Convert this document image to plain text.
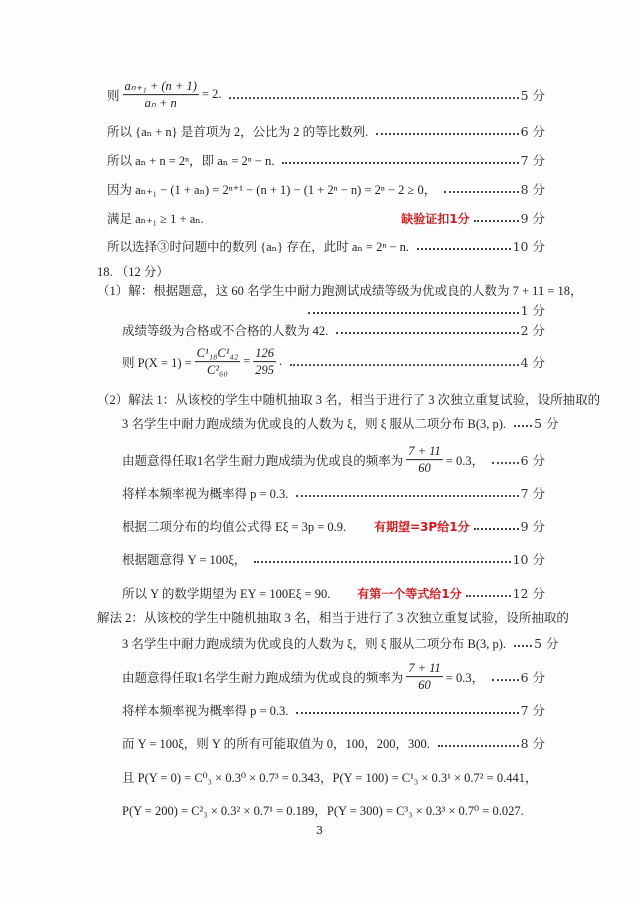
则 $\frac{\text{aₙ₊₁ + (n + 1)}}{\text{aₙ + n}} = 2$.	5 分
所以 {aₙ + n} 是首项为 2，公比为 2 的等比数列.	6 分
所以 aₙ + n = 2ⁿ，即 aₙ = 2ⁿ − n.	7 分
因为 aₙ₊₁ − (1 + aₙ) = 2ⁿ⁺¹ − (n + 1) − (1 + 2ⁿ − n) = 2ⁿ − 2 ≥ 0，	8 分
满足 aₙ₊₁ ≥ 1 + aₙ.	缺验证扣1分	9 分
所以选择③时问题中的数列 {aₙ} 存在，此时 aₙ = 2ⁿ − n.	10 分
18. （12 分）
（1）解：根据题意，这 60 名学生中耐力跑测试成绩等级为优或良的人数为 7 + 11 = 18，
1 分
成绩等级为合格或不合格的人数为 42.	2 分
则 $P(X = 1) = \frac{\text{C¹₁₈C¹₄₂}}{\text{C²₆₀}} = \frac{126}{295}$ .	4 分
（2）解法 1：从该校的学生中随机抽取 3 名，相当于进行了 3 次独立重复试验，设所抽取的
3 名学生中耐力跑成绩为优或良的人数为 ξ，则 ξ 服从二项分布 B(3, p). 5 分
由题意得任取1名学生耐力跑成绩为优或良的频率为 $\frac{7 + 11}{60} = 0.3$，	6 分
将样本频率视为概率得 p = 0.3.	7 分
根据二项分布的均值公式得 Eξ = 3p = 0.9. 有期望=3P给1分	9 分
根据题意得 Y = 100ξ，	10 分
所以 Y 的数学期望为 EY = 100Eξ = 90. 有第一个等式给1分	12 分
解法 2：从该校的学生中随机抽取 3 名，相当于进行了 3 次独立重复试验，设所抽取的
3 名学生中耐力跑成绩为优或良的人数为 ξ，则 ξ 服从二项分布 B(3, p). 5 分
由题意得任取1名学生耐力跑成绩为优或良的频率为 $\frac{7 + 11}{60} = 0.3$，	6 分
将样本频率视为概率得 p = 0.3.	7 分
而 Y = 100ξ，则 Y 的所有可能取值为 0，100，200，300.	8 分
且 P(Y = 0) = C⁰₃ × 0.3⁰ × 0.7³ = 0.343，P(Y = 100) = C¹₃ × 0.3¹ × 0.7² = 0.441，
P(Y = 200) = C²₃ × 0.3² × 0.7¹ = 0.189，P(Y = 300) = C³₃ × 0.3³ × 0.7⁰ = 0.027.
3
